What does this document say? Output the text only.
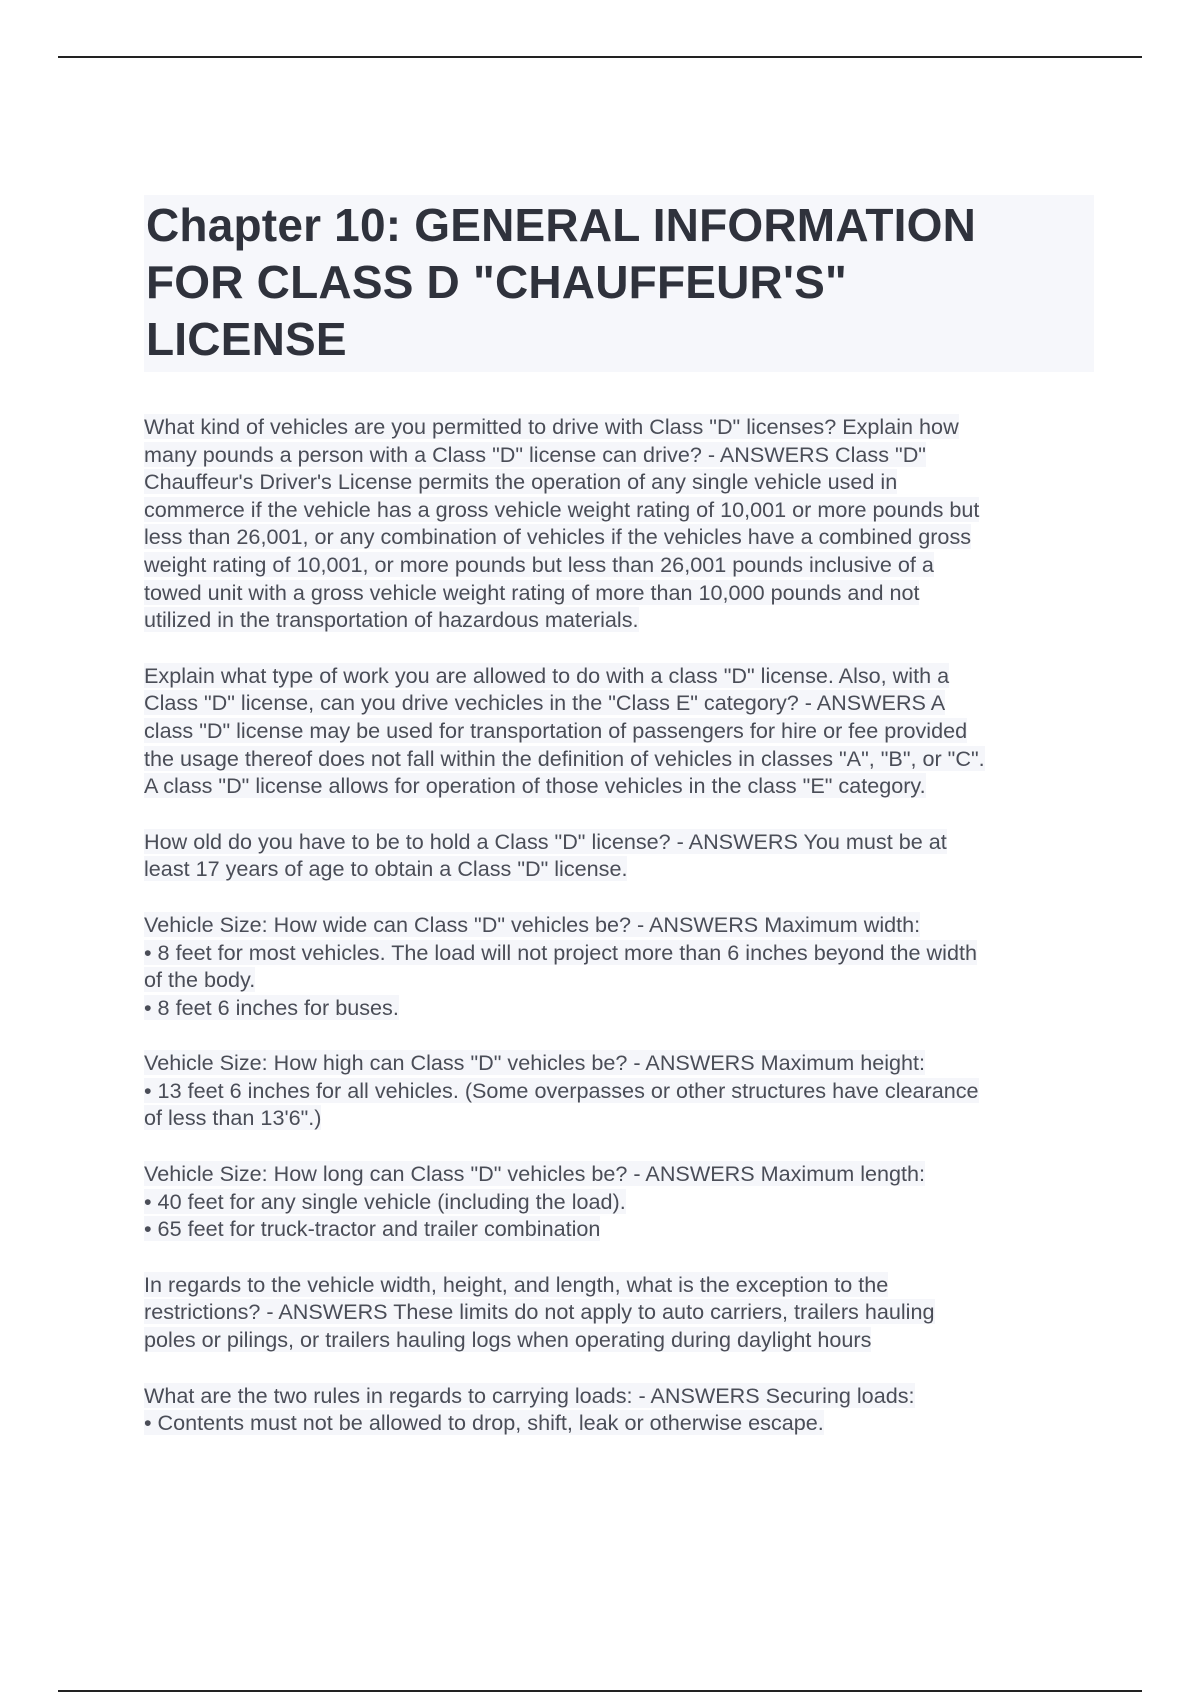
Chapter 10: GENERAL INFORMATION
FOR CLASS D "CHAUFFEUR'S"
LICENSE
What kind of vehicles are you permitted to drive with Class "D" licenses? Explain how
many pounds a person with a Class "D" license can drive? - ANSWERS Class "D"
Chauffeur's Driver's License permits the operation of any single vehicle used in
commerce if the vehicle has a gross vehicle weight rating of 10,001 or more pounds but
less than 26,001, or any combination of vehicles if the vehicles have a combined gross
weight rating of 10,001, or more pounds but less than 26,001 pounds inclusive of a
towed unit with a gross vehicle weight rating of more than 10,000 pounds and not
utilized in the transportation of hazardous materials.
Explain what type of work you are allowed to do with a class "D" license. Also, with a
Class "D" license, can you drive vechicles in the "Class E" category? - ANSWERS A
class "D" license may be used for transportation of passengers for hire or fee provided
the usage thereof does not fall within the definition of vehicles in classes "A", "B", or "C".
A class "D" license allows for operation of those vehicles in the class "E" category.
How old do you have to be to hold a Class "D" license? - ANSWERS You must be at
least 17 years of age to obtain a Class "D" license.
Vehicle Size: How wide can Class "D" vehicles be? - ANSWERS Maximum width:
• 8 feet for most vehicles. The load will not project more than 6 inches beyond the width
of the body.
• 8 feet 6 inches for buses.
Vehicle Size: How high can Class "D" vehicles be? - ANSWERS Maximum height:
• 13 feet 6 inches for all vehicles. (Some overpasses or other structures have clearance
of less than 13'6".)
Vehicle Size: How long can Class "D" vehicles be? - ANSWERS Maximum length:
• 40 feet for any single vehicle (including the load).
• 65 feet for truck-tractor and trailer combination
In regards to the vehicle width, height, and length, what is the exception to the
restrictions? - ANSWERS These limits do not apply to auto carriers, trailers hauling
poles or pilings, or trailers hauling logs when operating during daylight hours
What are the two rules in regards to carrying loads: - ANSWERS Securing loads:
• Contents must not be allowed to drop, shift, leak or otherwise escape.
